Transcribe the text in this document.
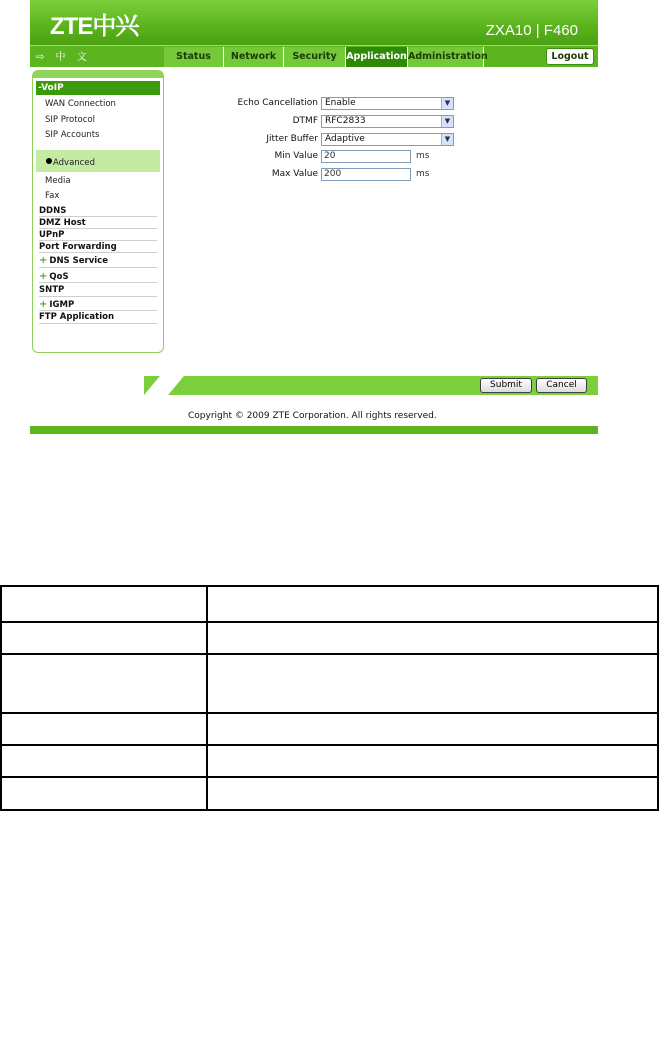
ZTE中兴	ZXA10 | F460
⇨ 中 文	Status	Network	Security	Application Administration	Logout
-VoIP
WAN Connection
SIP Protocol
SIP Accounts
Advanced
Media
Fax
DDNS
DMZ Host
UPnP
Port Forwarding
+ DNS Service
+ QoS
SNTP
+ IGMP
FTP Application
Echo Cancellation Enable	▼
DTMF RFC2833	▼
Jitter Buffer Adaptive	▼
Min Value 20	ms
Max Value 200	ms
Submit	Cancel
Copyright © 2009 ZTE Corporation. All rights reserved.
